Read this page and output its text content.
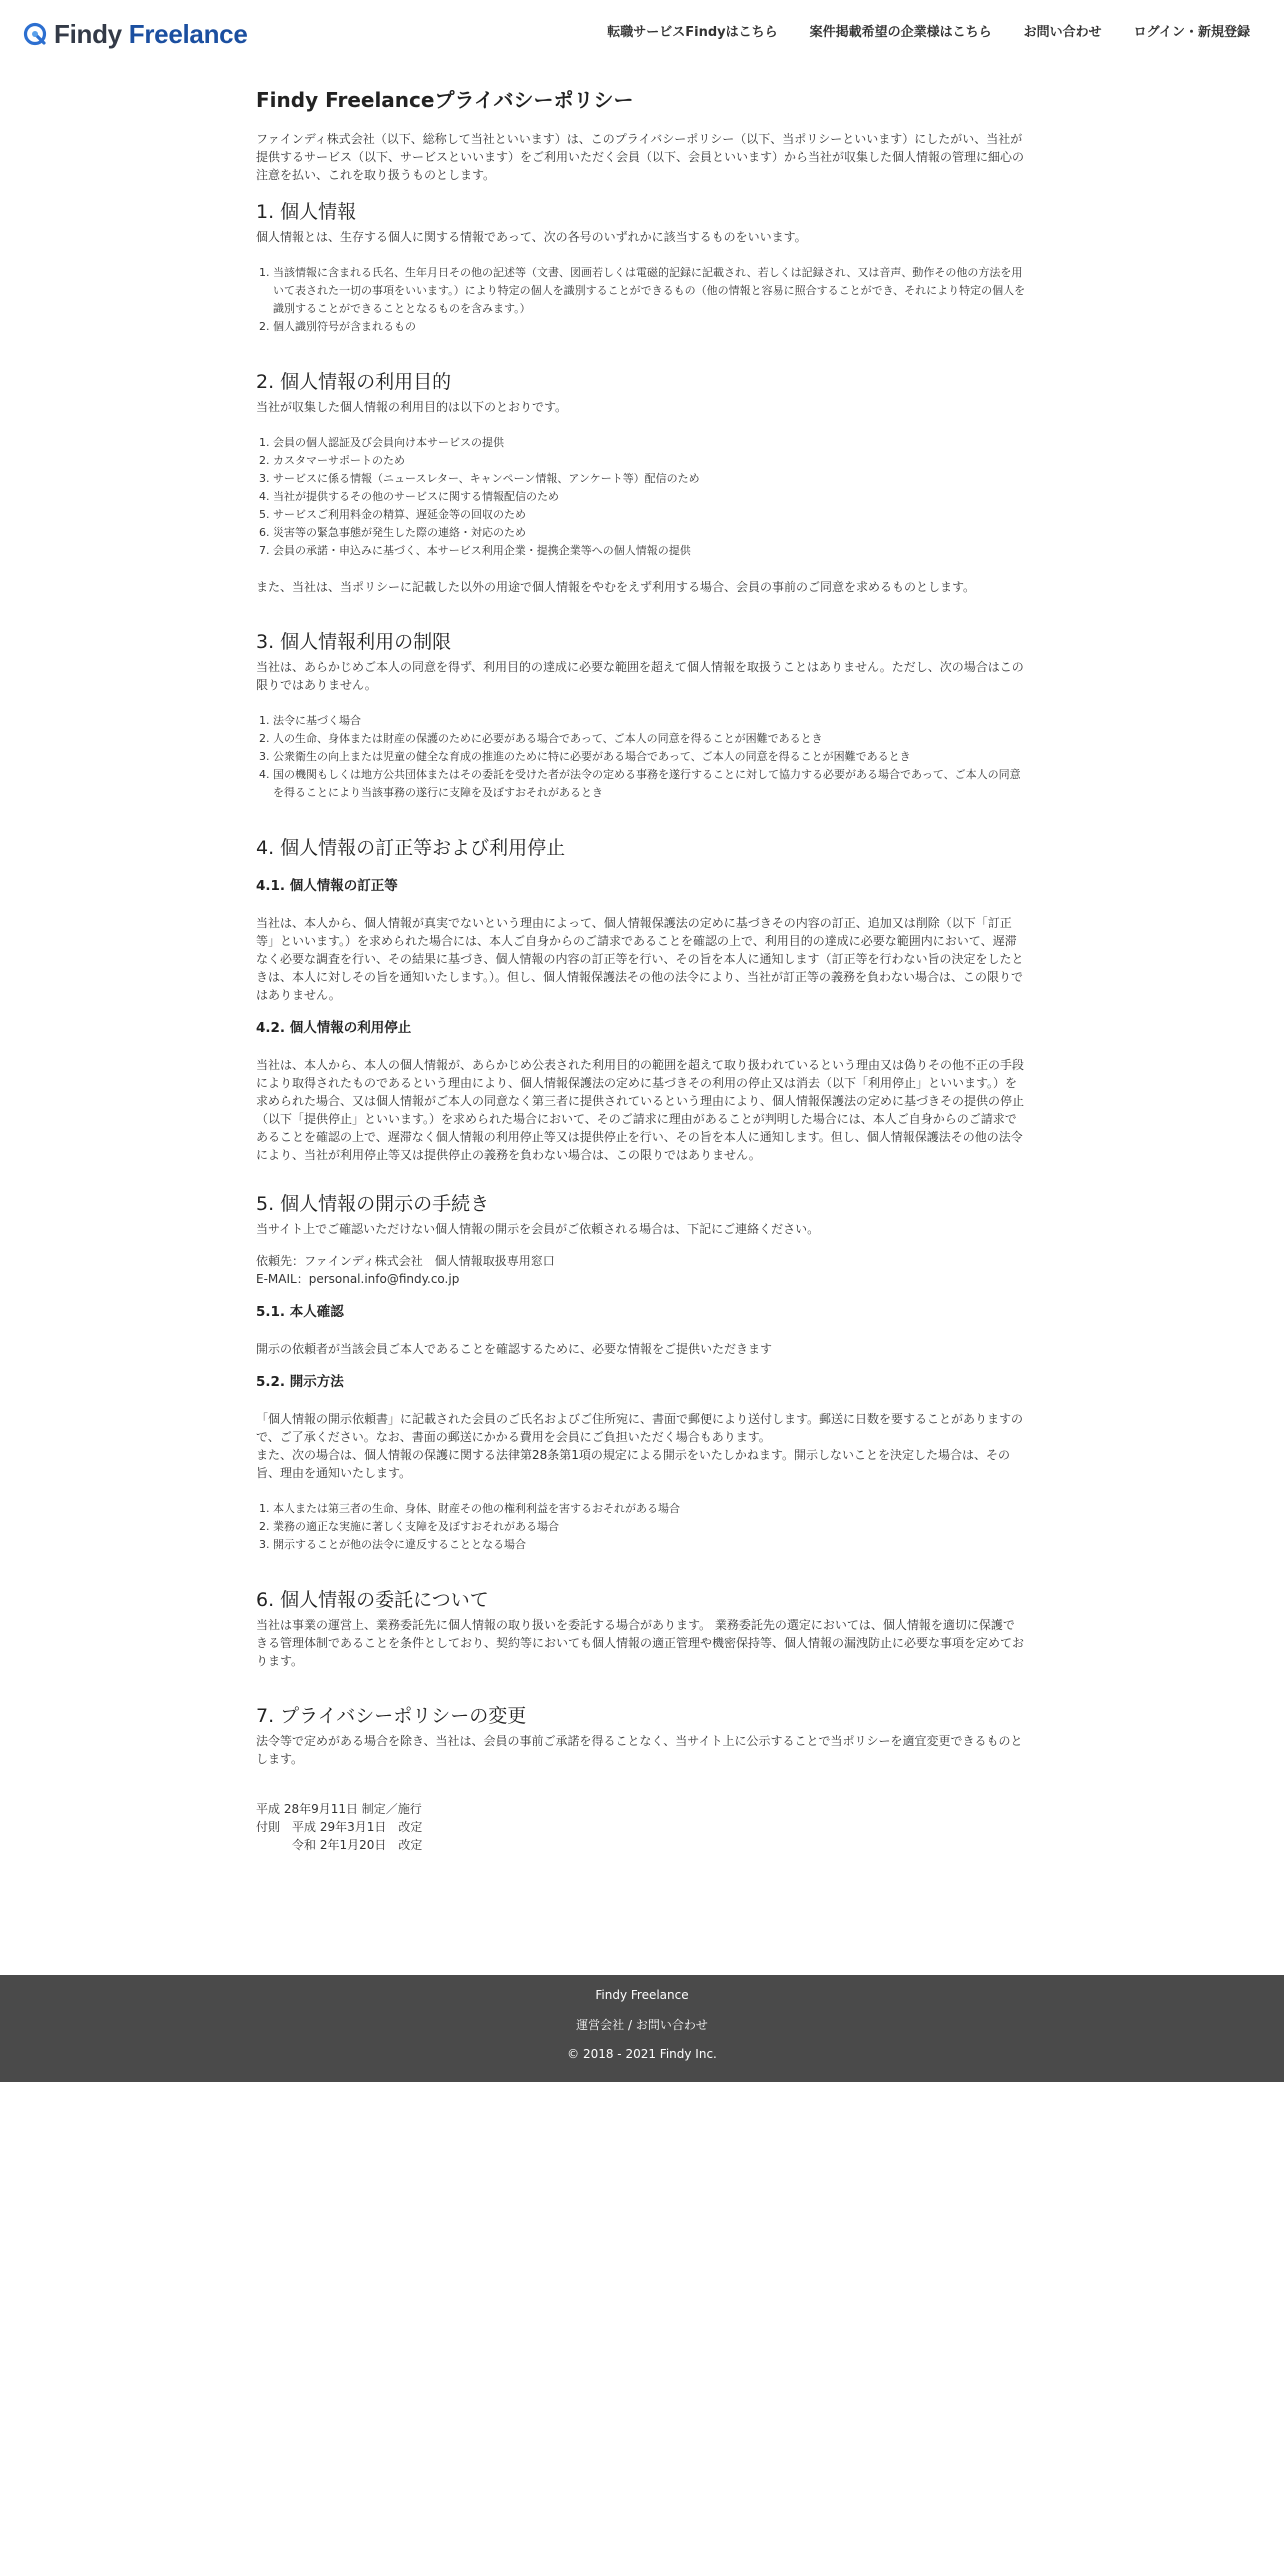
Findy Freelance	転職サービスFindyはこちら 案件掲載希望の企業様はこちら お問い合わせ ログイン・新規登録
Findy Freelanceプライバシーポリシー

ファインディ株式会社（以下、総称して当社といいます）は、このプライバシーポリシー（以下、当ポリシーといいます）にしたがい、当社が提供するサービス（以下、サービスといいます）をご利用いただく会員（以下、会員といいます）から当社が収集した個人情報の管理に細心の注意を払い、これを取り扱うものとします。

1. 個人情報

個人情報とは、生存する個人に関する情報であって、次の各号のいずれかに該当するものをいいます。

1. 当該情報に含まれる氏名、生年月日その他の記述等（文書、図画若しくは電磁的記録に記載され、若しくは記録され、又は音声、動作その他の方法を用いて表された一切の事項をいいます。）により特定の個人を識別することができるもの（他の情報と容易に照合することができ、それにより特定の個人を識別することができることとなるものを含みます。）
2. 個人識別符号が含まれるもの
2. 個人情報の利用目的

当社が収集した個人情報の利用目的は以下のとおりです。

1. 会員の個人認証及び会員向け本サービスの提供
2. カスタマーサポートのため
3. サービスに係る情報（ニュースレター、キャンペーン情報、アンケート等）配信のため
4. 当社が提供するその他のサービスに関する情報配信のため
5. サービスご利用料金の精算、遅延金等の回収のため
6. 災害等の緊急事態が発生した際の連絡・対応のため
7. 会員の承諾・申込みに基づく、本サービス利用企業・提携企業等への個人情報の提供

また、当社は、当ポリシーに記載した以外の用途で個人情報をやむをえず利用する場合、会員の事前のご同意を求めるものとします。

3. 個人情報利用の制限

当社は、あらかじめご本人の同意を得ず、利用目的の達成に必要な範囲を超えて個人情報を取扱うことはありません。ただし、次の場合はこの限りではありません。

1. 法令に基づく場合
2. 人の生命、身体または財産の保護のために必要がある場合であって、ご本人の同意を得ることが困難であるとき
3. 公衆衛生の向上または児童の健全な育成の推進のために特に必要がある場合であって、ご本人の同意を得ることが困難であるとき
4. 国の機関もしくは地方公共団体またはその委託を受けた者が法令の定める事務を遂行することに対して協力する必要がある場合であって、ご本人の同意を得ることにより当該事務の遂行に支障を及ぼすおそれがあるとき
4. 個人情報の訂正等および利用停止
4.1. 個人情報の訂正等

当社は、本人から、個人情報が真実でないという理由によって、個人情報保護法の定めに基づきその内容の訂正、追加又は削除（以下「訂正等」といいます。）を求められた場合には、本人ご自身からのご請求であることを確認の上で、利用目的の達成に必要な範囲内において、遅滞なく必要な調査を行い、その結果に基づき、個人情報の内容の訂正等を行い、その旨を本人に通知します（訂正等を行わない旨の決定をしたときは、本人に対しその旨を通知いたします。）。但し、個人情報保護法その他の法令により、当社が訂正等の義務を負わない場合は、この限りではありません。

4.2. 個人情報の利用停止

当社は、本人から、本人の個人情報が、あらかじめ公表された利用目的の範囲を超えて取り扱われているという理由又は偽りその他不正の手段により取得されたものであるという理由により、個人情報保護法の定めに基づきその利用の停止又は消去（以下「利用停止」といいます。）を求められた場合、又は個人情報がご本人の同意なく第三者に提供されているという理由により、個人情報保護法の定めに基づきその提供の停止（以下「提供停止」といいます。）を求められた場合において、そのご請求に理由があることが判明した場合には、本人ご自身からのご請求であることを確認の上で、遅滞なく個人情報の利用停止等又は提供停止を行い、その旨を本人に通知します。但し、個人情報保護法その他の法令により、当社が利用停止等又は提供停止の義務を負わない場合は、この限りではありません。

5. 個人情報の開示の手続き

当サイト上でご確認いただけない個人情報の開示を会員がご依頼される場合は、下記にご連絡ください。

依頼先：ファインディ株式会社　個人情報取扱専用窓口

E-MAIL：personal.info@findy.co.jp

5.1. 本人確認

開示の依頼者が当該会員ご本人であることを確認するために、必要な情報をご提供いただきます

5.2. 開示方法

「個人情報の開示依頼書」に記載された会員のご氏名およびご住所宛に、書面で郵便により送付します。郵送に日数を要することがありますので、ご了承ください。なお、書面の郵送にかかる費用を会員にご負担いただく場合もあります。

また、次の場合は、個人情報の保護に関する法律第28条第1項の規定による開示をいたしかねます。開示しないことを決定した場合は、その旨、理由を通知いたします。

1. 本人または第三者の生命、身体、財産その他の権利利益を害するおそれがある場合
2. 業務の適正な実施に著しく支障を及ぼすおそれがある場合
3. 開示することが他の法令に違反することとなる場合
6. 個人情報の委託について

当社は事業の運営上、業務委託先に個人情報の取り扱いを委託する場合があります。 業務委託先の選定においては、個人情報を適切に保護できる管理体制であることを条件としており、契約等においても個人情報の適正管理や機密保持等、個人情報の漏洩防止に必要な事項を定めております。

7. プライバシーポリシーの変更

法令等で定めがある場合を除き、当社は、会員の事前ご承諾を得ることなく、当サイト上に公示することで当ポリシーを適宜変更できるものとします。

平成 28年9月11日 制定／施行

付則　平成 29年3月1日　改定

　　　令和 2年1月20日　改定

Findy Freelance
運営会社 / お問い合わせ
© 2018 - 2021 Findy Inc.
